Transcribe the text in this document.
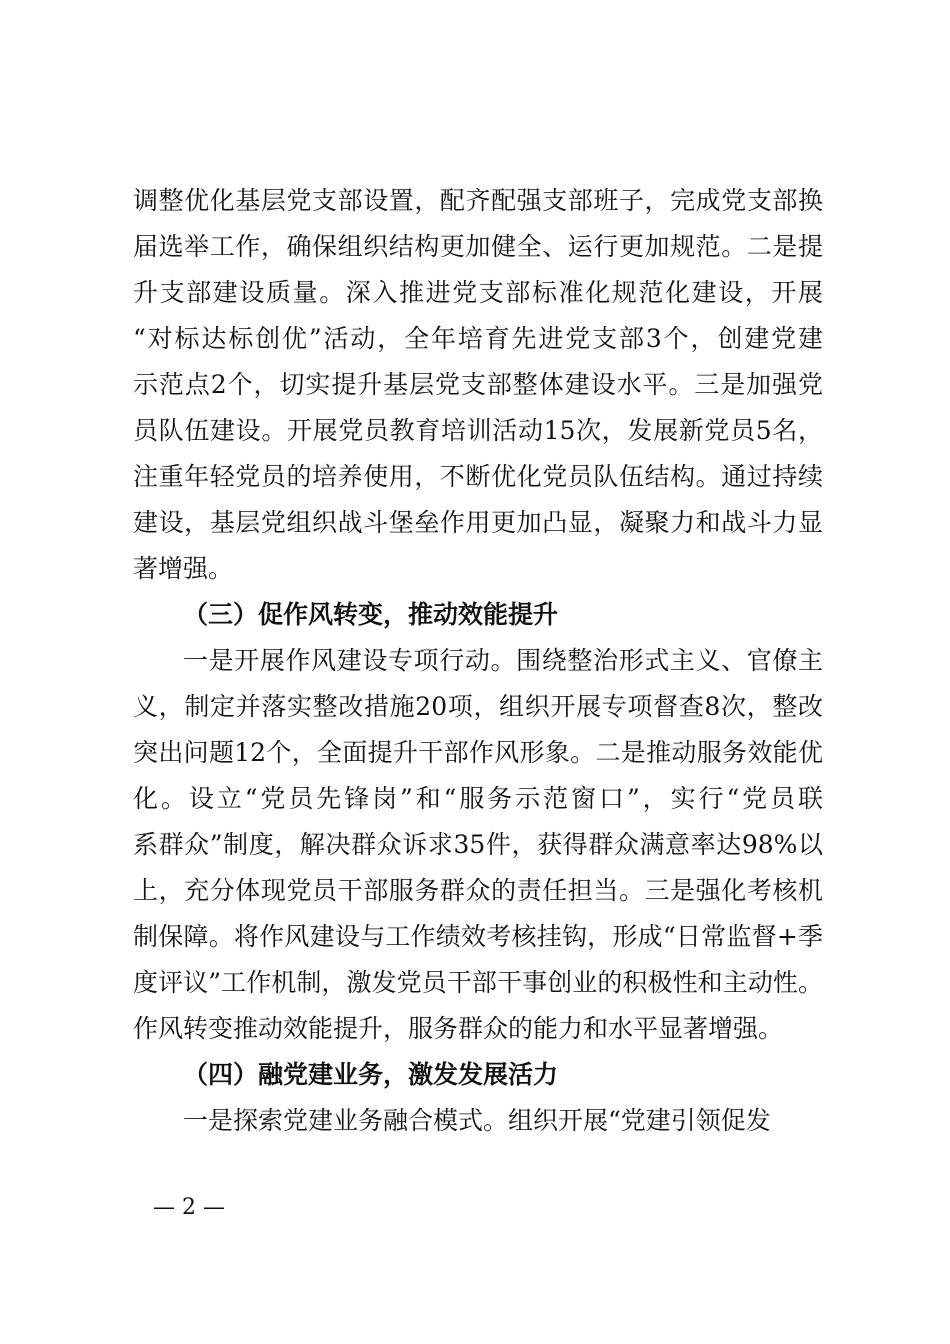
调整优化基层党支部设置，配齐配强支部班子，完成党支部换
届选举工作，确保组织结构更加健全、运行更加规范。二是提
升支部建设质量。深入推进党支部标准化规范化建设，开展
“对标达标创优”活动，全年培育先进党支部3个，创建党建
示范点2个，切实提升基层党支部整体建设水平。三是加强党
员队伍建设。开展党员教育培训活动15次，发展新党员5名，
注重年轻党员的培养使用，不断优化党员队伍结构。通过持续
建设，基层党组织战斗堡垒作用更加凸显，凝聚力和战斗力显
著增强。
（三）促作风转变，推动效能提升
一是开展作风建设专项行动。围绕整治形式主义、官僚主
义，制定并落实整改措施20项，组织开展专项督查8次，整改
突出问题12个，全面提升干部作风形象。二是推动服务效能优
化。设立“党员先锋岗”和“服务示范窗口”，实行“党员联
系群众”制度，解决群众诉求35件，获得群众满意率达98%以
上，充分体现党员干部服务群众的责任担当。三是强化考核机
制保障。将作风建设与工作绩效考核挂钩，形成“日常监督+季
度评议”工作机制，激发党员干部干事创业的积极性和主动性。
作风转变推动效能提升，服务群众的能力和水平显著增强。
（四）融党建业务，激发发展活力
一是探索党建业务融合模式。组织开展“党建引领促发
— 2 —
